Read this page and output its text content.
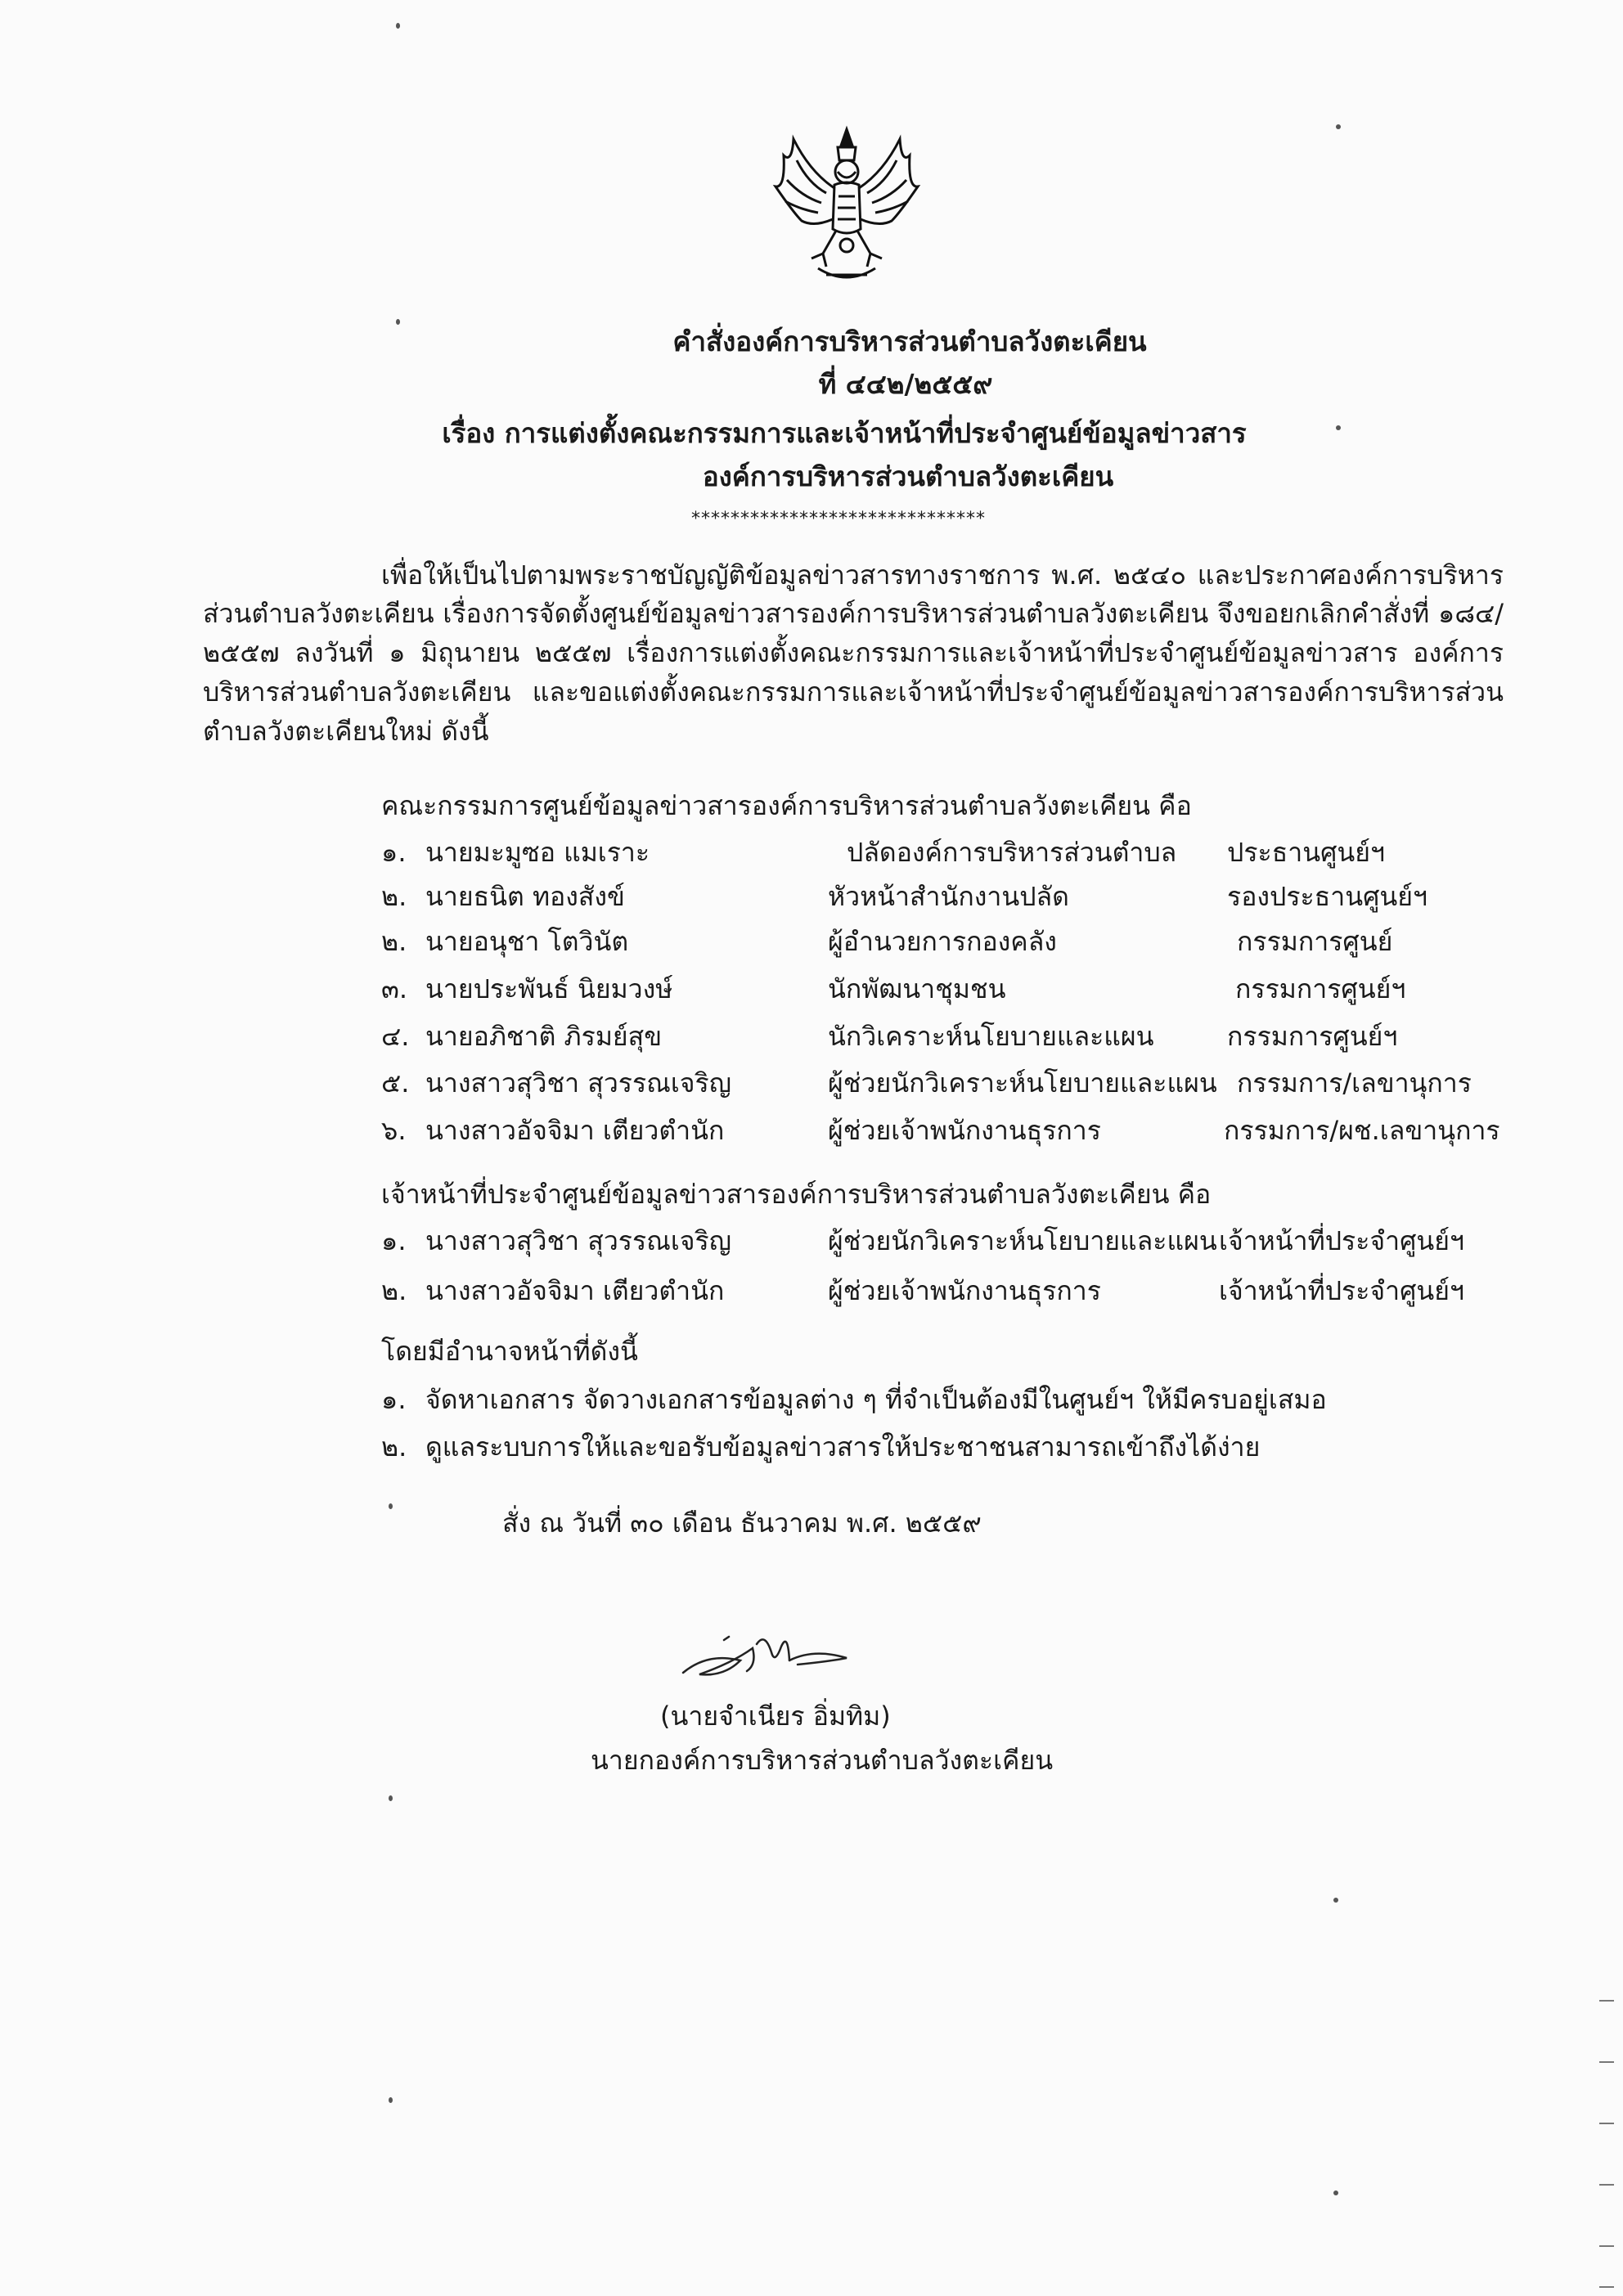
คำสั่งองค์การบริหารส่วนตำบลวังตะเคียน
ที่ ๔๔๒/๒๕๕๙
เรื่อง การแต่งตั้งคณะกรรมการและเจ้าหน้าที่ประจำศูนย์ข้อมูลข่าวสาร
องค์การบริหารส่วนตำบลวังตะเคียน
******************************
เพื่อให้เป็นไปตามพระราชบัญญัติข้อมูลข่าวสารทางราชการ พ.ศ. ๒๕๔๐ และประกาศองค์การบริหาร
ส่วนตำบลวังตะเคียน เรื่องการจัดตั้งศูนย์ข้อมูลข่าวสารองค์การบริหารส่วนตำบลวังตะเคียน จึงขอยกเลิกคำสั่งที่ ๑๘๔/
๒๕๕๗ ลงวันที่ ๑ มิถุนายน ๒๕๕๗ เรื่องการแต่งตั้งคณะกรรมการและเจ้าหน้าที่ประจำศูนย์ข้อมูลข่าวสาร องค์การ
บริหารส่วนตำบลวังตะเคียน และขอแต่งตั้งคณะกรรมการและเจ้าหน้าที่ประจำศูนย์ข้อมูลข่าวสารองค์การบริหารส่วน
ตำบลวังตะเคียนใหม่ ดังนี้
คณะกรรมการศูนย์ข้อมูลข่าวสารองค์การบริหารส่วนตำบลวังตะเคียน คือ
๑. นายมะมูซอ แมเราะ	ปลัดองค์การบริหารส่วนตำบล ประธานศูนย์ฯ
๒. นายธนิต ทองสังข์	หัวหน้าสำนักงานปลัด	รองประธานศูนย์ฯ
๒. นายอนุชา โตวินัต	ผู้อำนวยการกองคลัง	กรรมการศูนย์
๓. นายประพันธ์ นิยมวงษ์	นักพัฒนาชุมชน	กรรมการศูนย์ฯ
๔. นายอภิชาติ ภิรมย์สุข	นักวิเคราะห์นโยบายและแผน	กรรมการศูนย์ฯ
๕. นางสาวสุวิชา สุวรรณเจริญ	ผู้ช่วยนักวิเคราะห์นโยบายและแผน กรรมการ/เลขานุการ
๖. นางสาวอัจจิมา เตียวตำนัก	ผู้ช่วยเจ้าพนักงานธุรการ	กรรมการ/ผช.เลขานุการ
เจ้าหน้าที่ประจำศูนย์ข้อมูลข่าวสารองค์การบริหารส่วนตำบลวังตะเคียน คือ
๑. นางสาวสุวิชา สุวรรณเจริญ	ผู้ช่วยนักวิเคราะห์นโยบายและแผน เจ้าหน้าที่ประจำศูนย์ฯ
๒. นางสาวอัจจิมา เตียวตำนัก	ผู้ช่วยเจ้าพนักงานธุรการ	เจ้าหน้าที่ประจำศูนย์ฯ
โดยมีอำนาจหน้าที่ดังนี้
๑. จัดหาเอกสาร จัดวางเอกสารข้อมูลต่าง ๆ ที่จำเป็นต้องมีในศูนย์ฯ ให้มีครบอยู่เสมอ
๒. ดูแลระบบการให้และขอรับข้อมูลข่าวสารให้ประชาชนสามารถเข้าถึงได้ง่าย
สั่ง ณ วันที่ ๓๐ เดือน ธันวาคม พ.ศ. ๒๕๕๙
(นายจำเนียร อิ่มทิม)
นายกองค์การบริหารส่วนตำบลวังตะเคียน
